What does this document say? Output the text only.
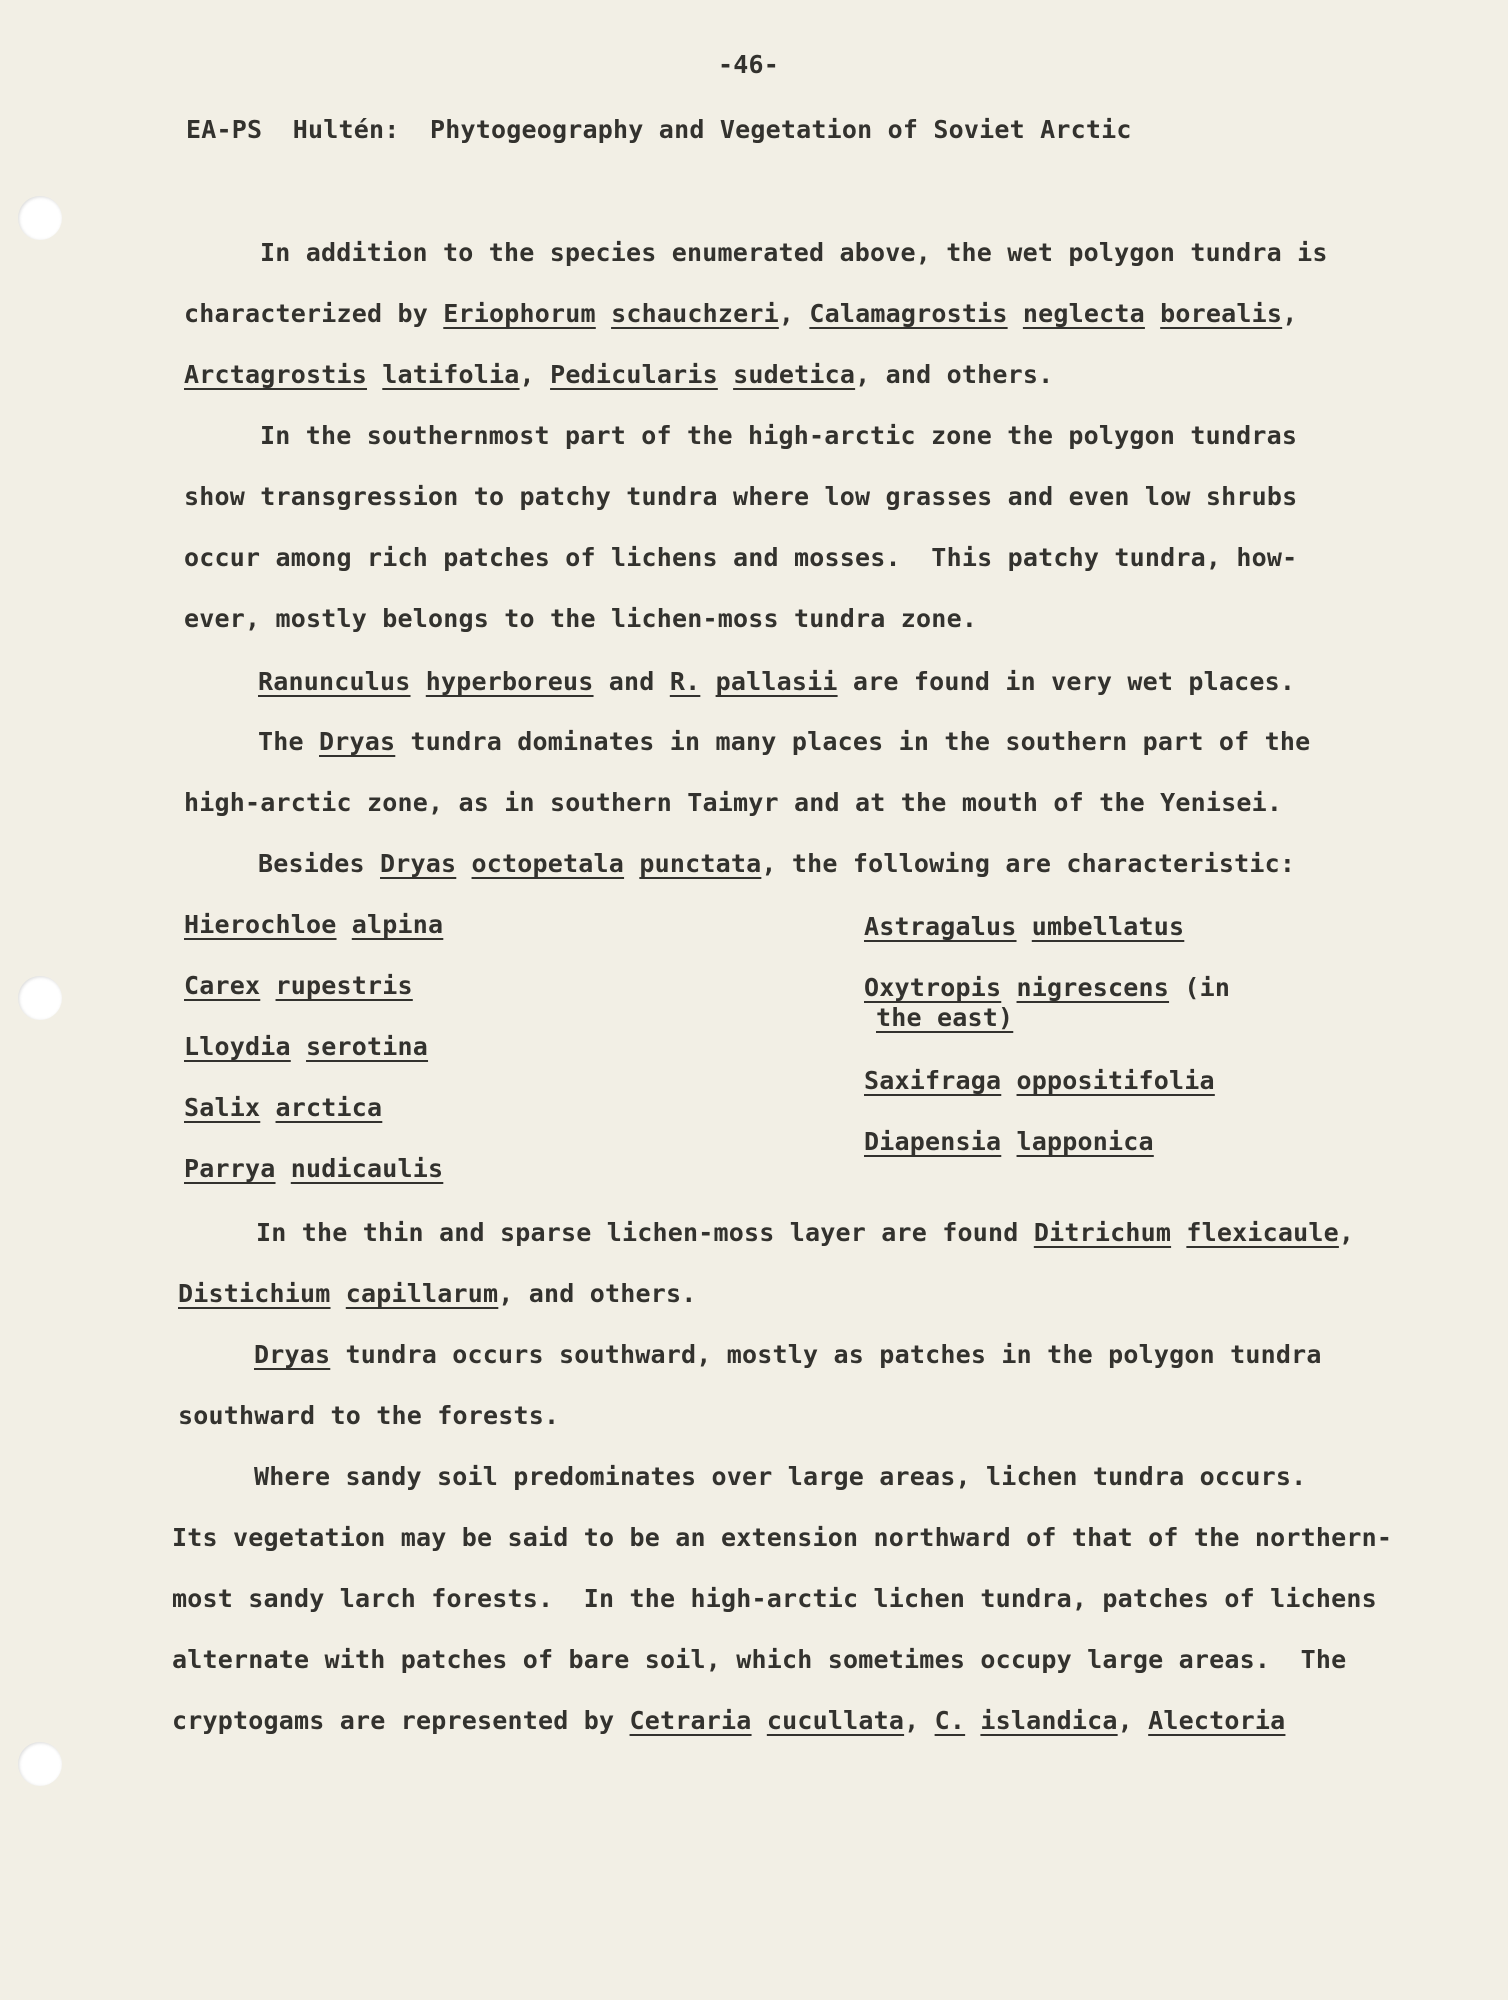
-46-
EA-PS Hultén:  Phytogeography and Vegetation of Soviet Arctic
In addition to the species enumerated above, the wet polygon tundra is
characterized by Eriophorum schauchzeri, Calamagrostis neglecta borealis,
Arctagrostis latifolia, Pedicularis sudetica, and others.
In the southernmost part of the high-arctic zone the polygon tundras
show transgression to patchy tundra where low grasses and even low shrubs
occur among rich patches of lichens and mosses.  This patchy tundra, how-
ever, mostly belongs to the lichen-moss tundra zone.
Ranunculus hyperboreus and R. pallasii are found in very wet places.
The Dryas tundra dominates in many places in the southern part of the
high-arctic zone, as in southern Taimyr and at the mouth of the Yenisei.
Besides Dryas octopetala punctata, the following are characteristic:
Hierochloe alpina
Carex rupestris
Lloydia serotina
Salix arctica
Parrya nudicaulis
Astragalus umbellatus
Oxytropis nigrescens (in
the east)
Saxifraga oppositifolia
Diapensia lapponica
In the thin and sparse lichen-moss layer are found Ditrichum flexicaule,
Distichium capillarum, and others.
Dryas tundra occurs southward, mostly as patches in the polygon tundra
southward to the forests.
Where sandy soil predominates over large areas, lichen tundra occurs.
Its vegetation may be said to be an extension northward of that of the northern-
most sandy larch forests.  In the high-arctic lichen tundra, patches of lichens
alternate with patches of bare soil, which sometimes occupy large areas.  The
cryptogams are represented by Cetraria cucullata, C. islandica, Alectoria
